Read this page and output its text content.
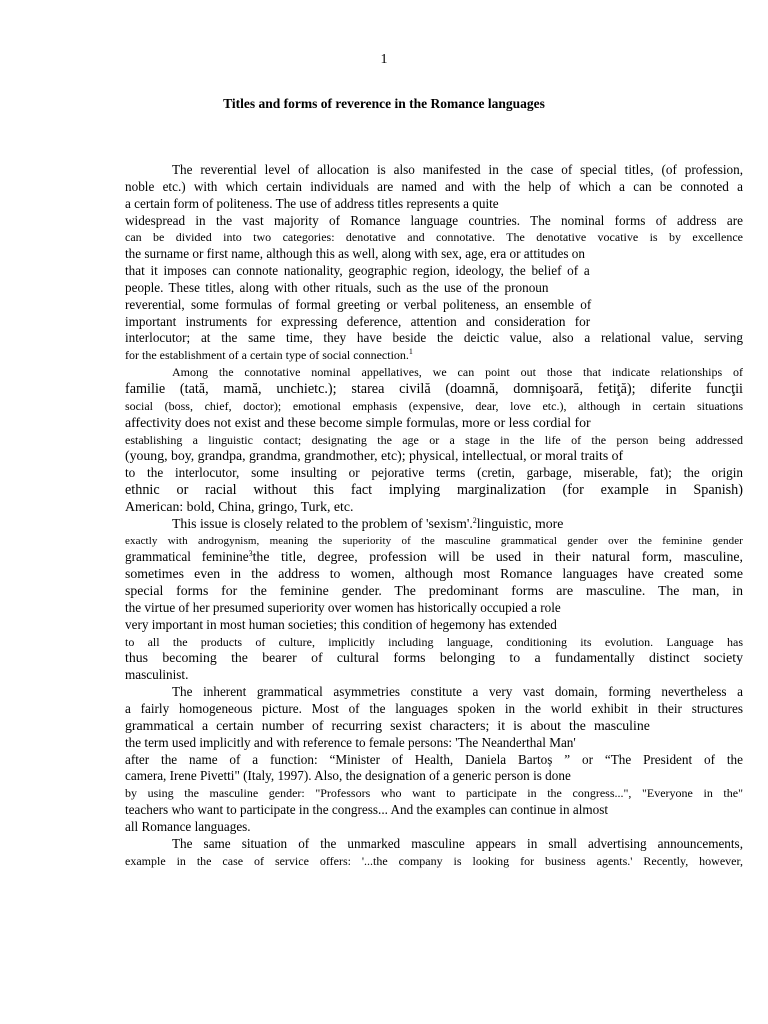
1
Titles and forms of reverence in the Romance languages
The reverential level of allocation is also manifested in the case of special titles, (of profession,
noble etc.) with which certain individuals are named and with the help of which a can be connoted a
a certain form of politeness. The use of address titles represents a quite
widespread in the vast majority of Romance language countries. The nominal forms of address are
can be divided into two categories: denotative and connotative. The denotative vocative is by excellence
the surname or first name, although this as well, along with sex, age, era or attitudes on
that it imposes can connote nationality, geographic region, ideology, the belief of a
people. These titles, along with other rituals, such as the use of the pronoun
reverential, some formulas of formal greeting or verbal politeness, an ensemble of
important instruments for expressing deference, attention and consideration for
interlocutor; at the same time, they have beside the deictic value, also a relational value, serving
for the establishment of a certain type of social connection.$^1$
Among the connotative nominal appellatives, we can point out those that indicate relationships of
familie (tată, mamă, unchietc.); starea civilă (doamnă, domnişoară, fetiţă); diferite funcţii
social (boss, chief, doctor); emotional emphasis (expensive, dear, love etc.), although in certain situations
affectivity does not exist and these become simple formulas, more or less cordial for
establishing a linguistic contact; designating the age or a stage in the life of the person being addressed
(young, boy, grandpa, grandma, grandmother, etc); physical, intellectual, or moral traits of
to the interlocutor, some insulting or pejorative terms (cretin, garbage, miserable, fat); the origin
ethnic or racial without this fact implying marginalization (for example in Spanish)
American: bold, China, gringo, Turk, etc.
This issue is closely related to the problem of 'sexism'.$^2$linguistic, more
exactly with androgynism, meaning the superiority of the masculine grammatical gender over the feminine gender
grammatical feminine$^3$the title, degree, profession will be used in their natural form, masculine,
sometimes even in the address to women, although most Romance languages have created some
special forms for the feminine gender. The predominant forms are masculine. The man, in
the virtue of her presumed superiority over women has historically occupied a role
very important in most human societies; this condition of hegemony has extended
to all the products of culture, implicitly including language, conditioning its evolution. Language has
thus becoming the bearer of cultural forms belonging to a fundamentally distinct society
masculinist.
The inherent grammatical asymmetries constitute a very vast domain, forming nevertheless a
a fairly homogeneous picture. Most of the languages spoken in the world exhibit in their structures
grammatical a certain number of recurring sexist characters; it is about the masculine
the term used implicitly and with reference to female persons: 'The Neanderthal Man'
after the name of a function: “Minister of Health, Daniela Bartoș ” or “The President of the
camera, Irene Pivetti" (Italy, 1997). Also, the designation of a generic person is done
by using the masculine gender: "Professors who want to participate in the congress...", "Everyone in the"
teachers who want to participate in the congress... And the examples can continue in almost
all Romance languages.
The same situation of the unmarked masculine appears in small advertising announcements,
example in the case of service offers: '...the company is looking for business agents.' Recently, however,
